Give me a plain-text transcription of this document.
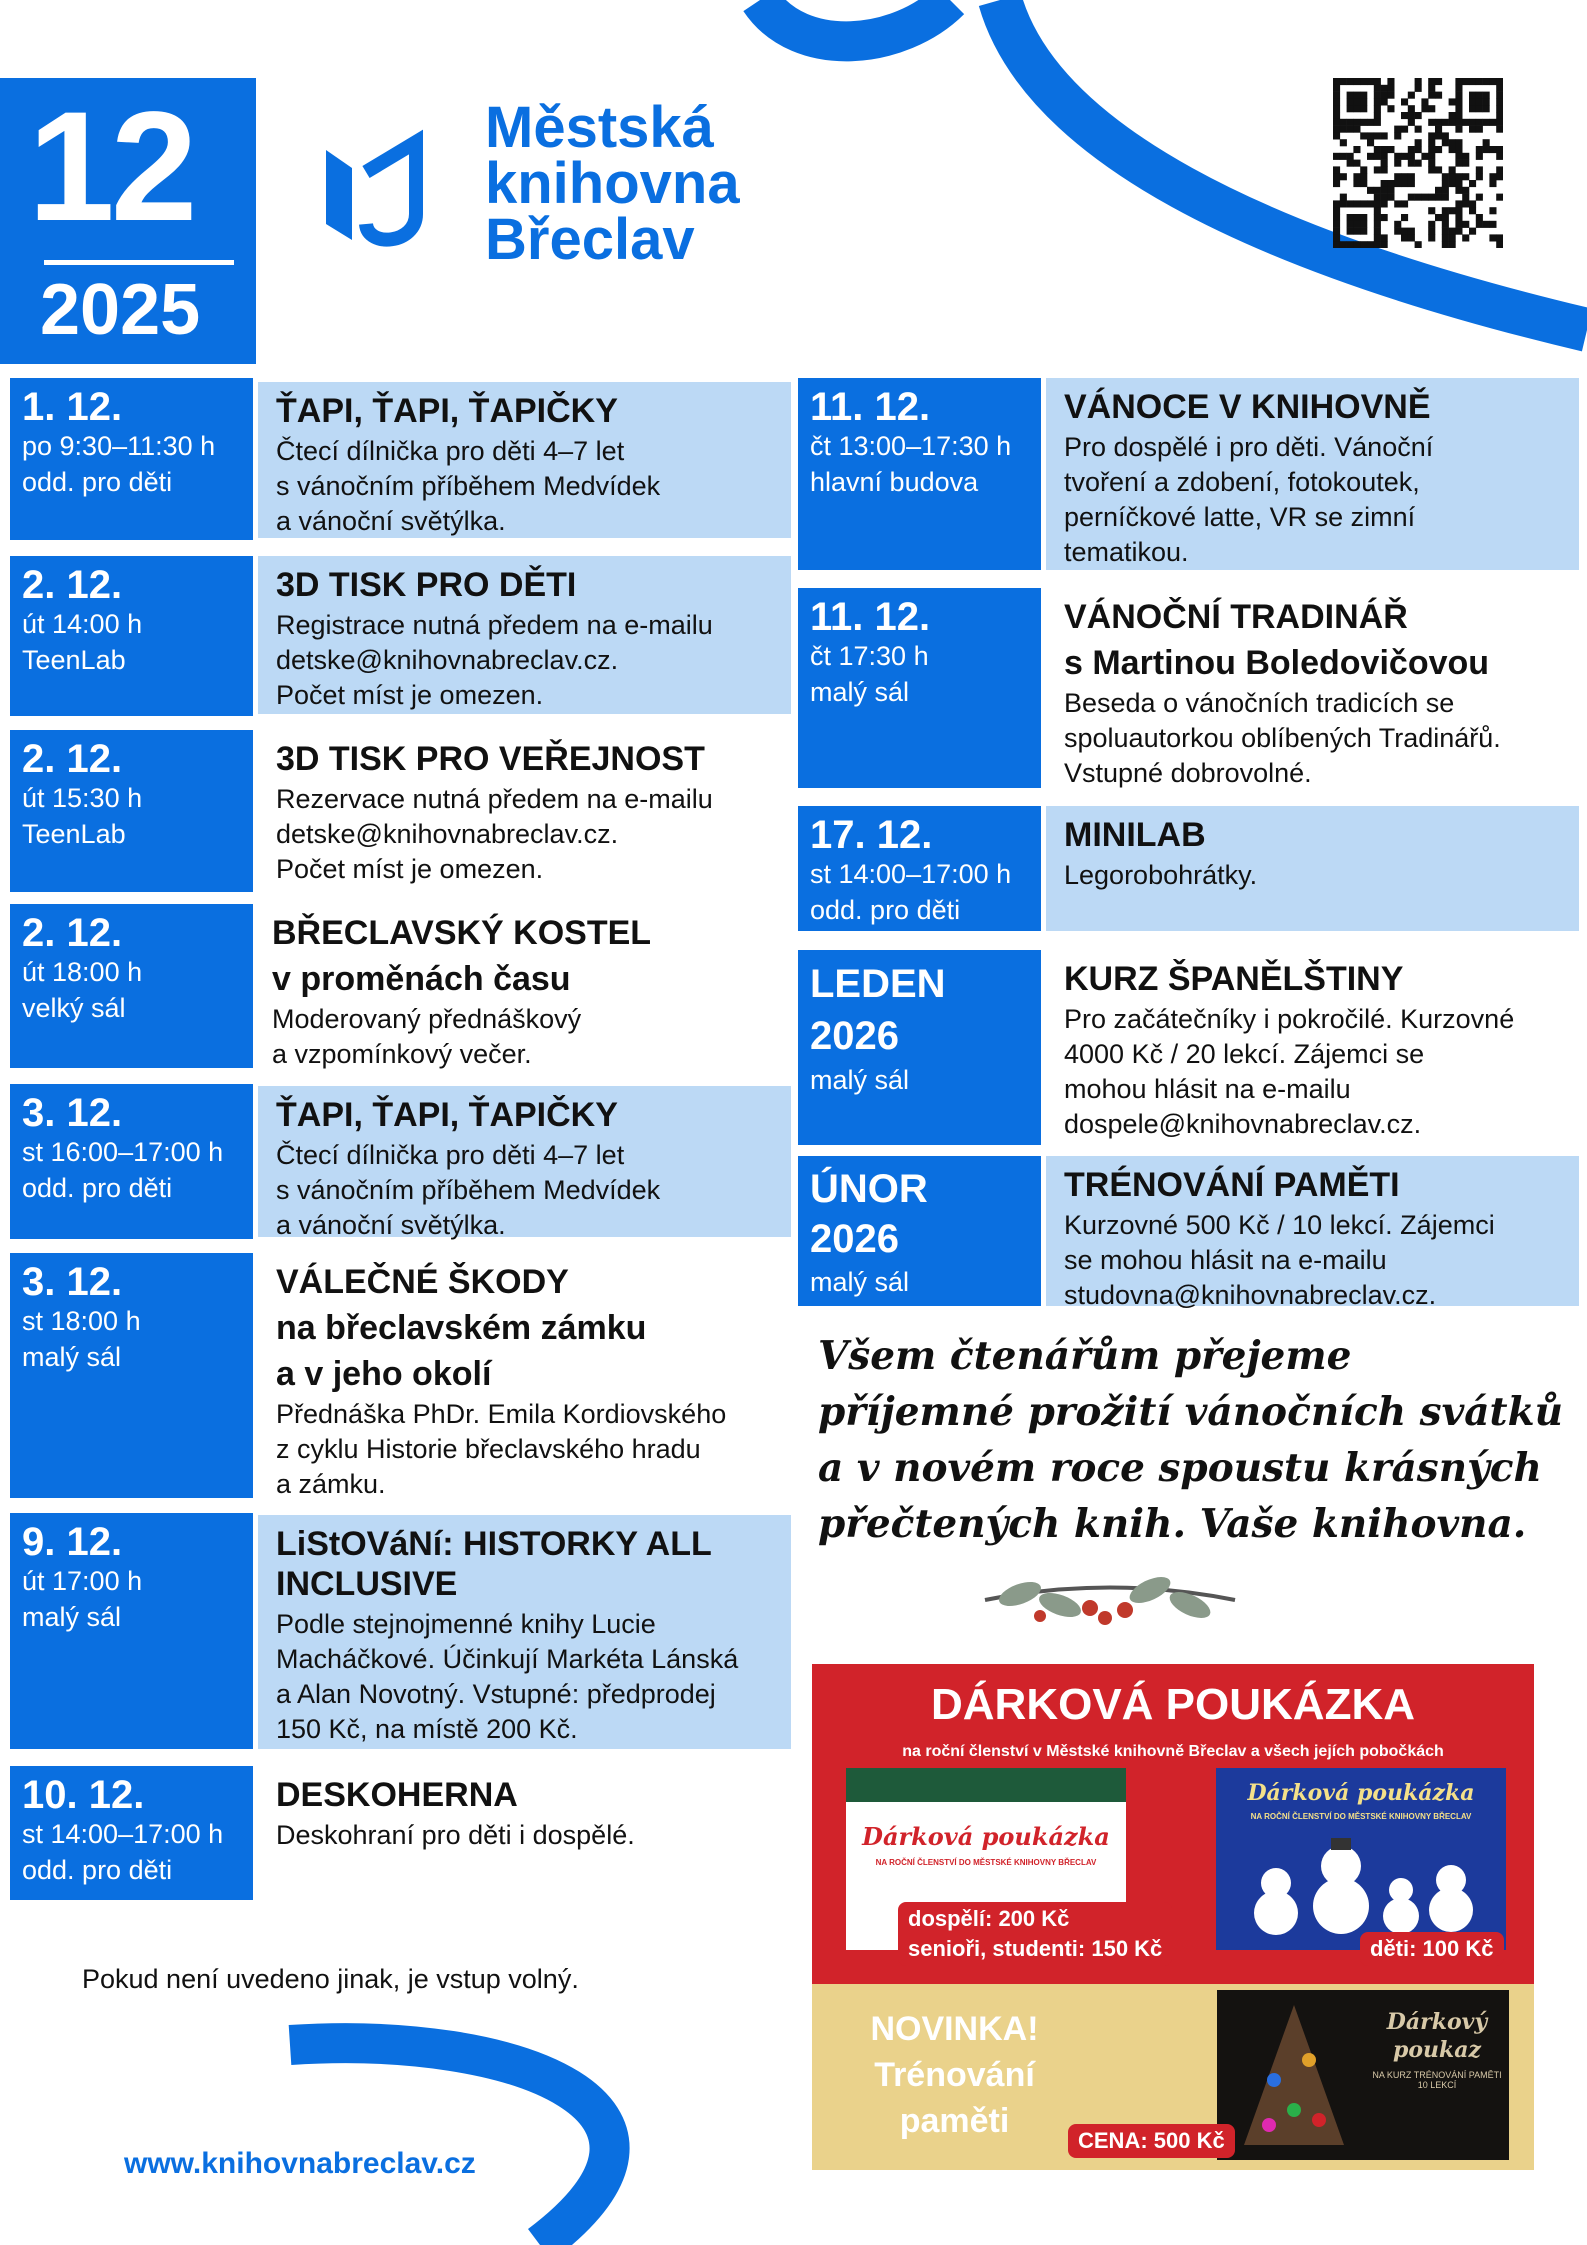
12
2025
Městská
knihovna
Břeclav
1. 12.
po 9:30–11:30 h
odd. pro děti
ŤAPI, ŤAPI, ŤAPIČKY
Čtecí dílnička pro děti 4–7 let
s vánočním příběhem Medvídek
a vánoční světýlka.
2. 12.
út 14:00 h
TeenLab
3D TISK PRO DĚTI
Registrace nutná předem na e-mailu
detske@knihovnabreclav.cz.
Počet míst je omezen.
2. 12.
út 15:30 h
TeenLab
3D TISK PRO VEŘEJNOST
Rezervace nutná předem na e-mailu
detske@knihovnabreclav.cz.
Počet míst je omezen.
2. 12.
út 18:00 h
velký sál
BŘECLAVSKÝ KOSTEL
v proměnách času
Moderovaný přednáškový
a vzpomínkový večer.
3. 12.
st 16:00–17:00 h
odd. pro děti
ŤAPI, ŤAPI, ŤAPIČKY
Čtecí dílnička pro děti 4–7 let
s vánočním příběhem Medvídek
a vánoční světýlka.
3. 12.
st 18:00 h
malý sál
VÁLEČNÉ ŠKODY
na břeclavském zámku
a v jeho okolí
Přednáška PhDr. Emila Kordiovského
z cyklu Historie břeclavského hradu
a zámku.
9. 12.
út 17:00 h
malý sál
LiStOVáNí: HISTORKY ALL
INCLUSIVE
Podle stejnojmenné knihy Lucie
Macháčkové. Účinkují Markéta Lánská
a Alan Novotný. Vstupné: předprodej
150 Kč, na místě 200 Kč.
10. 12.
st 14:00–17:00 h
odd. pro děti
DESKOHERNA
Deskohraní pro děti i dospělé.
11. 12.
čt 13:00–17:30 h
hlavní budova
VÁNOCE V KNIHOVNĚ
Pro dospělé i pro děti. Vánoční
tvoření a zdobení, fotokoutek,
perníčkové latte, VR se zimní
tematikou.
11. 12.
čt 17:30 h
malý sál
VÁNOČNÍ TRADINÁŘ
s Martinou Boledovičovou
Beseda o vánočních tradicích se
spoluautorkou oblíbených Tradinářů.
Vstupné dobrovolné.
17. 12.
st 14:00–17:00 h
odd. pro děti
MINILAB
Legorobohrátky.
LEDEN
2026
malý sál
KURZ ŠPANĚLŠTINY
Pro začátečníky i pokročilé. Kurzovné
4000 Kč / 20 lekcí. Zájemci se
mohou hlásit na e-mailu
dospele@knihovnabreclav.cz.
ÚNOR
2026
malý sál
TRÉNOVÁNÍ PAMĚTI
Kurzovné 500 Kč / 10 lekcí. Zájemci
se mohou hlásit na e-mailu
studovna@knihovnabreclav.cz.
Všem čtenářům přejeme
příjemné prožití vánočních svátků
a v novém roce spoustu krásných
přečtených knih. Vaše knihovna.
DÁRKOVÁ POUKÁZKA
na roční členství v Městské knihovně Břeclav a všech jejích pobočkách
Dárková poukázka
NA ROČNÍ ČLENSTVÍ DO MĚSTSKÉ KNIHOVNY BŘECLAV
dospělí: 200 Kč
senioři, studenti: 150 Kč
Dárková poukázka
NA ROČNÍ ČLENSTVÍ DO MĚSTSKÉ KNIHOVNY BŘECLAV
děti: 100 Kč
NOVINKA!
Trénování
paměti
Dárkový
poukaz
NA KURZ TRÉNOVÁNÍ PAMĚTI 10 LEKCÍ
CENA: 500 Kč
Pokud není uvedeno jinak, je vstup volný.
www.knihovnabreclav.cz
